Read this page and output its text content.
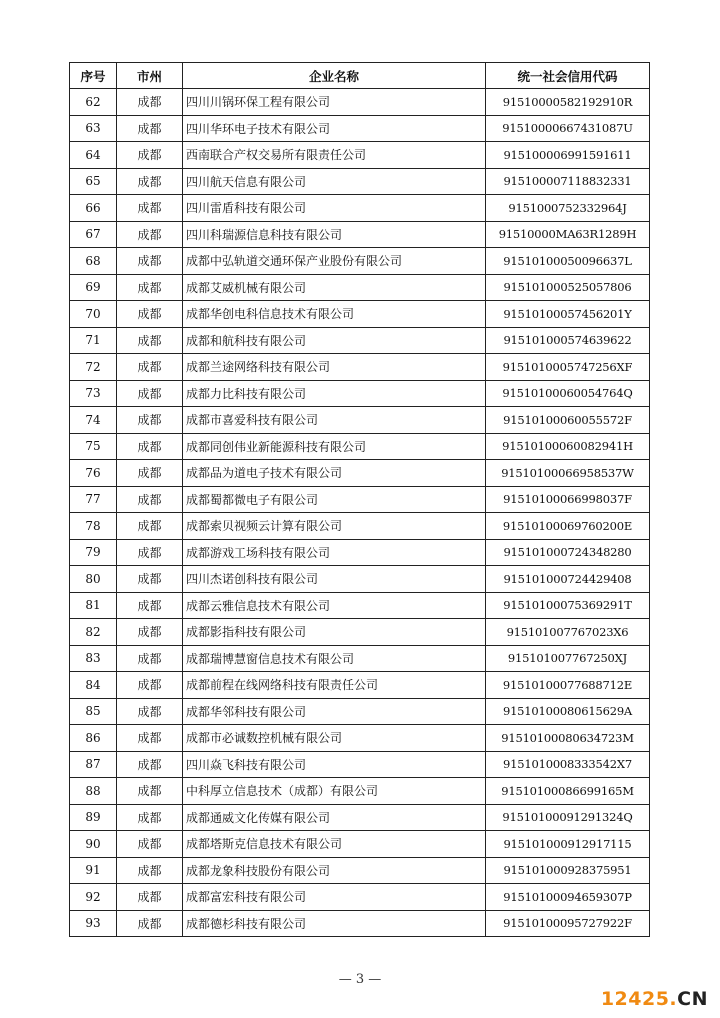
序号	市州	企业名称	统一社会信用代码
62	成都	四川川锅环保工程有限公司	91510000582192910R
63	成都	四川华环电子技术有限公司	91510000667431087U
64	成都	西南联合产权交易所有限责任公司	915100006991591611
65	成都	四川航天信息有限公司	915100007118832331
66	成都	四川雷盾科技有限公司	9151000752332964J
67	成都	四川科瑞源信息科技有限公司	91510000MA63R1289H
68	成都	成都中弘轨道交通环保产业股份有限公司	91510100050096637L
69	成都	成都艾威机械有限公司	915101000525057806
70	成都	成都华创电科信息技术有限公司	91510100057456201Y
71	成都	成都和航科技有限公司	915101000574639622
72	成都	成都兰途网络科技有限公司	9151010005747256XF
73	成都	成都力比科技有限公司	91510100060054764Q
74	成都	成都市喜爱科技有限公司	91510100060055572F
75	成都	成都同创伟业新能源科技有限公司	91510100060082941H
76	成都	成都品为道电子技术有限公司	91510100066958537W
77	成都	成都蜀都微电子有限公司	91510100066998037F
78	成都	成都索贝视频云计算有限公司	91510100069760200E
79	成都	成都游戏工场科技有限公司	915101000724348280
80	成都	四川杰诺创科技有限公司	915101000724429408
81	成都	成都云雅信息技术有限公司	91510100075369291T
82	成都	成都影指科技有限公司	915101007767023X6
83	成都	成都瑞博慧窗信息技术有限公司	915101007767250XJ
84	成都	成都前程在线网络科技有限责任公司	91510100077688712E
85	成都	成都华邻科技有限公司	91510100080615629A
86	成都	成都市必诚数控机械有限公司	91510100080634723M
87	成都	四川焱飞科技有限公司	9151010008333542X7
88	成都	中科厚立信息技术（成都）有限公司	91510100086699165M
89	成都	成都通威文化传媒有限公司	91510100091291324Q
90	成都	成都塔斯克信息技术有限公司	915101000912917115
91	成都	成都龙象科技股份有限公司	915101000928375951
92	成都	成都富宏科技有限公司	91510100094659307P
93	成都	成都德杉科技有限公司	91510100095727922F
— 3 —
12425.CN
